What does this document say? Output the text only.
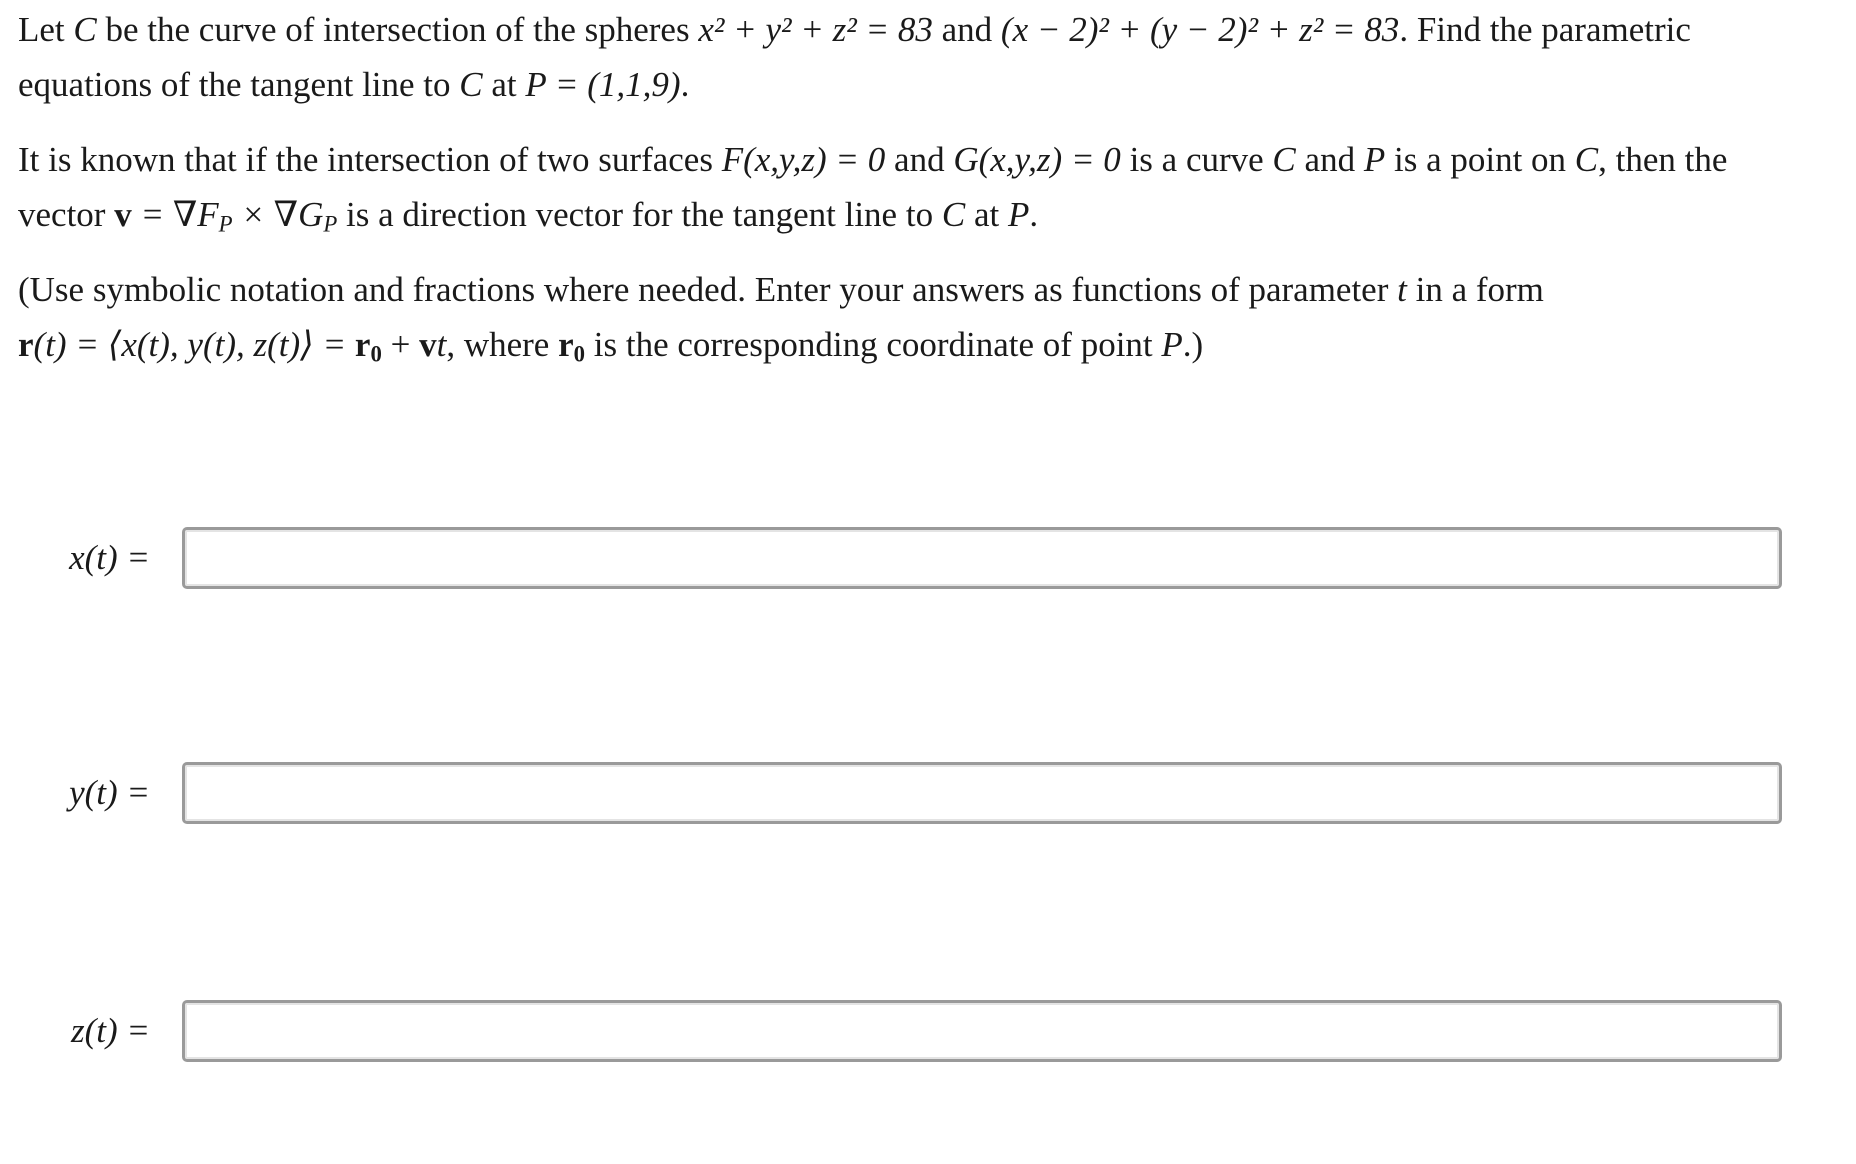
Let C be the curve of intersection of the spheres x² + y² + z² = 83 and (x − 2)² + (y − 2)² + z² = 83. Find the parametric
equations of the tangent line to C at P = (1,1,9).
It is known that if the intersection of two surfaces F(x,y,z) = 0 and G(x,y,z) = 0 is a curve C and P is a point on C, then the
vector $v = \nabla F_P \times \nabla G_P$ is a direction vector for the tangent line to C at P.
(Use symbolic notation and fractions where needed. Enter your answers as functions of parameter t in a form
r(t) = ⟨x(t), y(t), z(t)⟩ = $r_0$ + vt, where $r_0$ is the corresponding coordinate of point P.)
x(t) =
y(t) =
z(t) =
